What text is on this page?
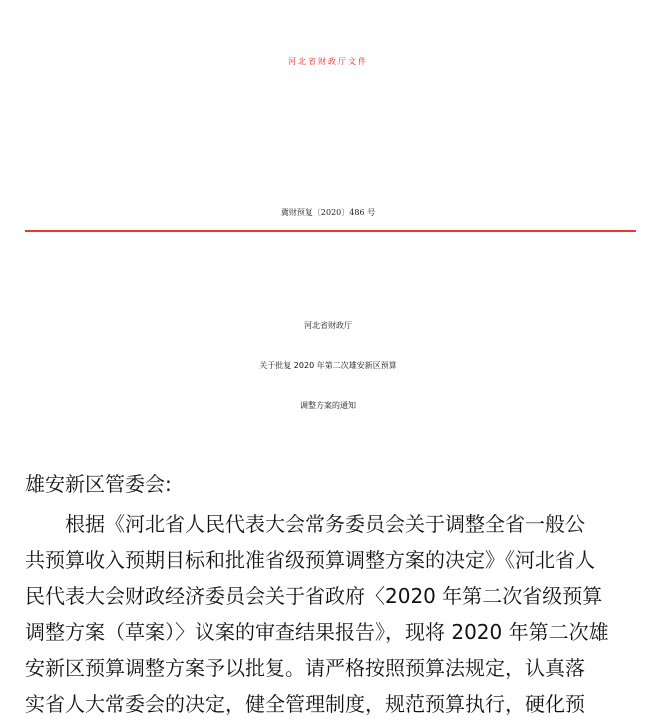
河北省财政厅文件
冀财预复〔2020〕486 号
河北省财政厅
关于批复 2020 年第二次雄安新区预算
调整方案的通知
雄安新区管委会:
根据《河北省人民代表大会常务委员会关于调整全省一般公
共预算收入预期目标和批准省级预算调整方案的决定》《河北省人
民代表大会财政经济委员会关于省政府〈2020 年第二次省级预算
调整方案（草案）〉议案的审查结果报告》，现将 2020 年第二次雄
安新区预算调整方案予以批复。请严格按照预算法规定，认真落
实省人大常委会的决定，健全管理制度，规范预算执行，硬化预
